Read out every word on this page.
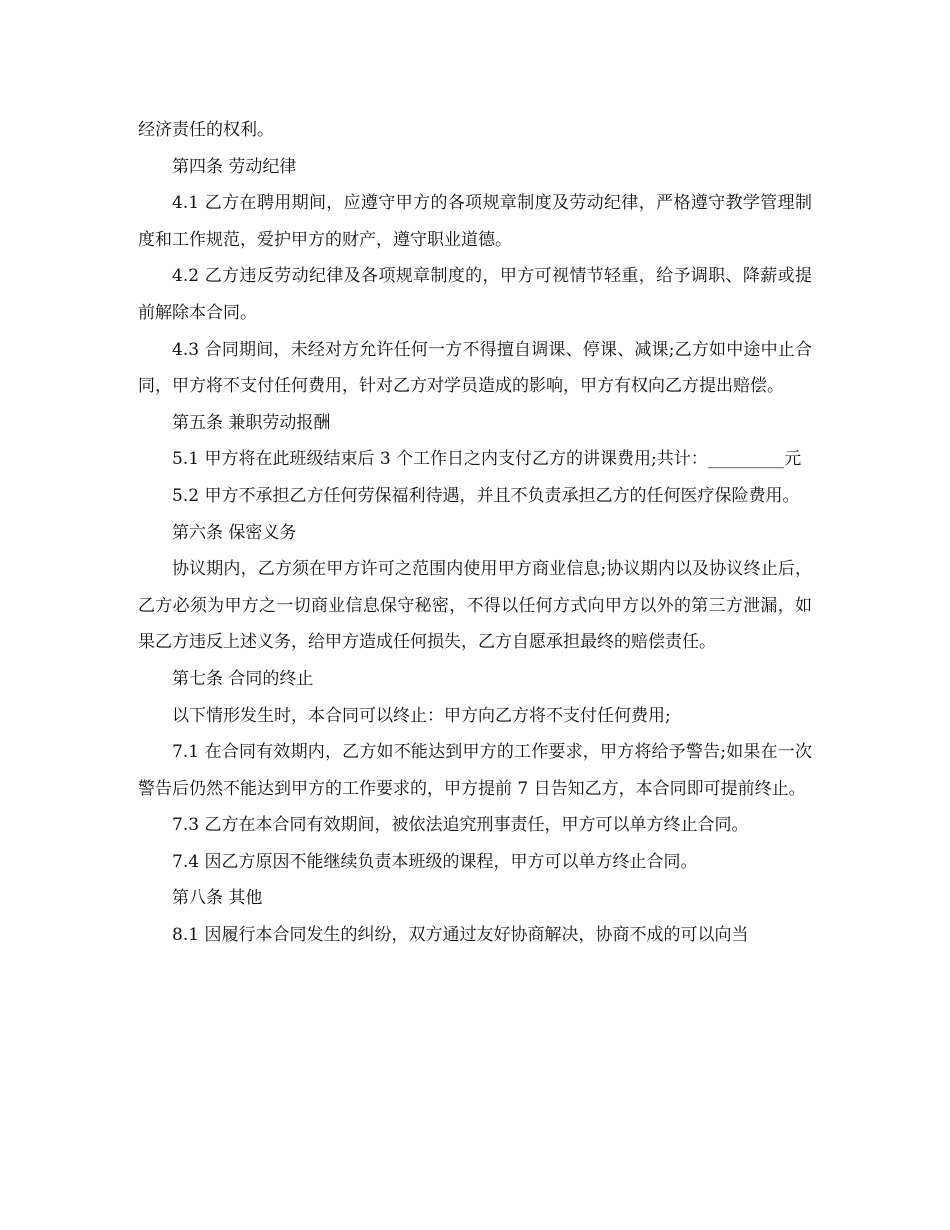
经济责任的权利。

第四条 劳动纪律

4.1 乙方在聘用期间，应遵守甲方的各项规章制度及劳动纪律，严格遵守教学管理制度和工作规范，爱护甲方的财产，遵守职业道德。

4.2 乙方违反劳动纪律及各项规章制度的，甲方可视情节轻重，给予调职、降薪或提前解除本合同。

4.3 合同期间，未经对方允许任何一方不得擅自调课、停课、减课;乙方如中途中止合同，甲方将不支付任何费用，针对乙方对学员造成的影响，甲方有权向乙方提出赔偿。

第五条 兼职劳动报酬

5.1 甲方将在此班级结束后 3 个工作日之内支付乙方的讲课费用;共计：_________元

5.2 甲方不承担乙方任何劳保福利待遇，并且不负责承担乙方的任何医疗保险费用。

第六条 保密义务

协议期内，乙方须在甲方许可之范围内使用甲方商业信息;协议期内以及协议终止后，乙方必须为甲方之一切商业信息保守秘密，不得以任何方式向甲方以外的第三方泄漏，如果乙方违反上述义务，给甲方造成任何损失，乙方自愿承担最终的赔偿责任。

第七条 合同的终止

以下情形发生时，本合同可以终止：甲方向乙方将不支付任何费用;

7.1 在合同有效期内，乙方如不能达到甲方的工作要求，甲方将给予警告;如果在一次警告后仍然不能达到甲方的工作要求的，甲方提前 7 日告知乙方，本合同即可提前终止。

7.3 乙方在本合同有效期间，被依法追究刑事责任，甲方可以单方终止合同。

7.4 因乙方原因不能继续负责本班级的课程，甲方可以单方终止合同。

第八条 其他

8.1 因履行本合同发生的纠纷，双方通过友好协商解决，协商不成的可以向当
